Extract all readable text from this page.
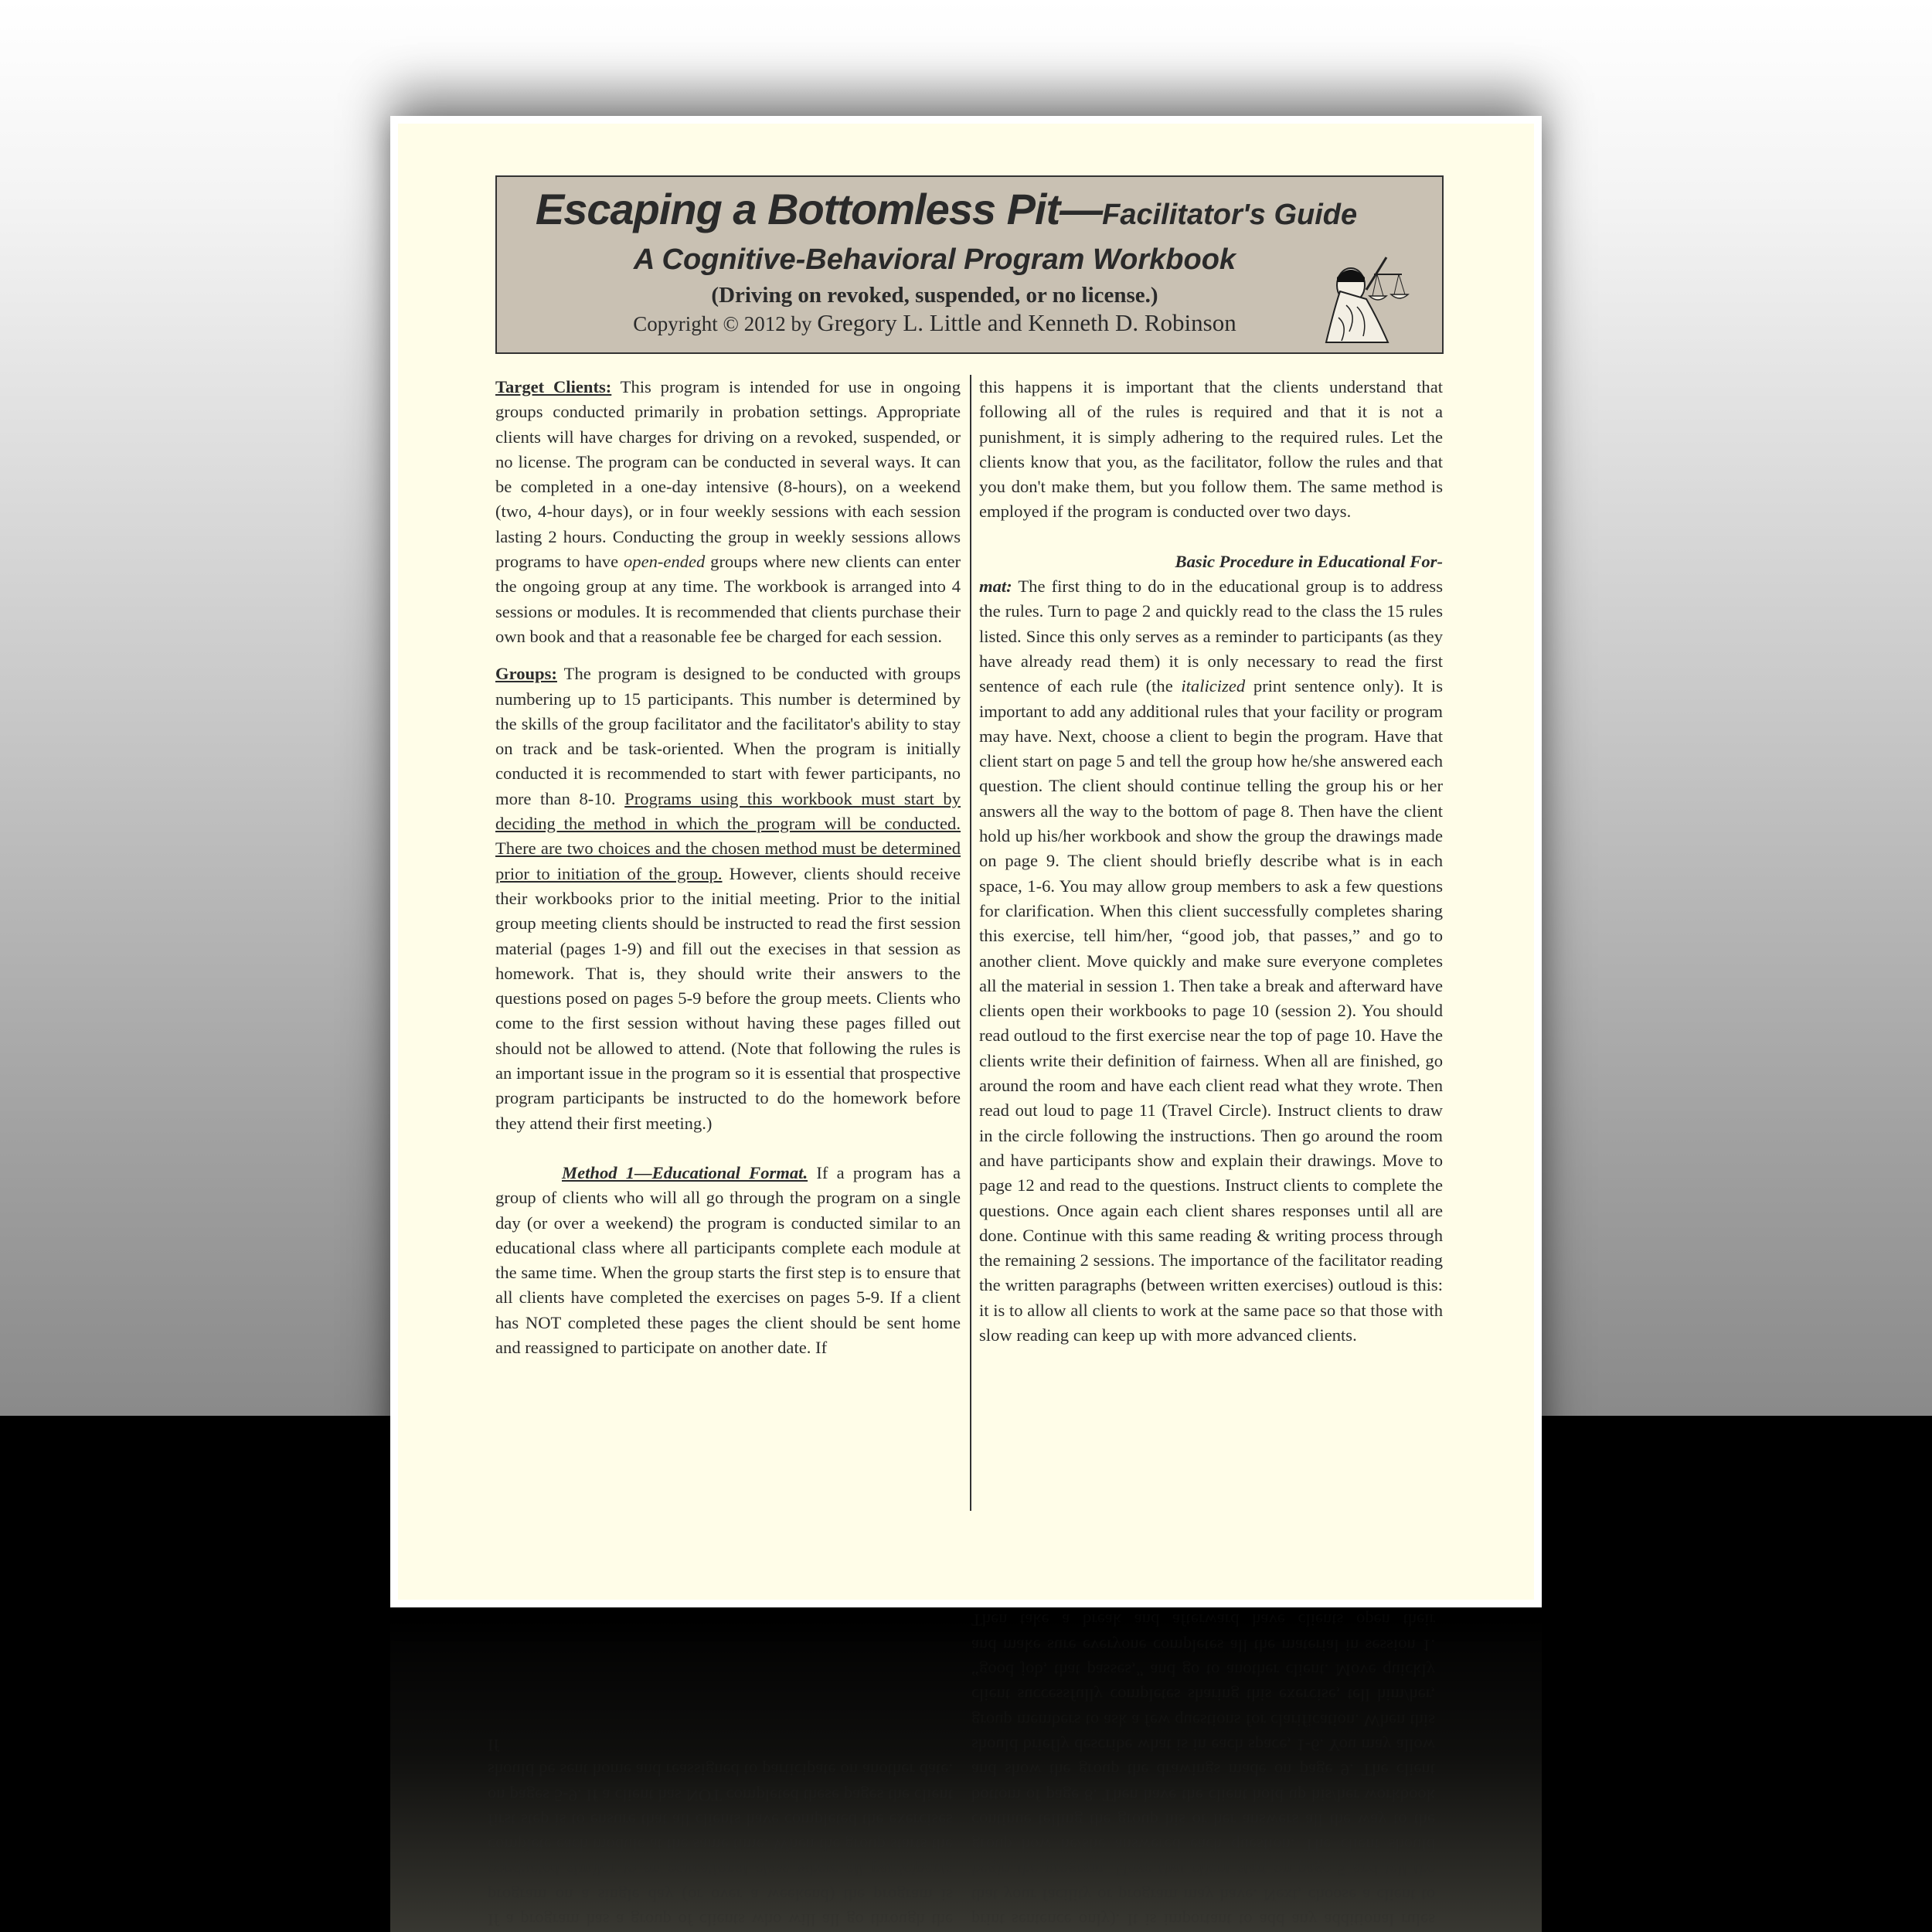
If a program has a group of clients who will all go through the program on a single day (or over a weekend) the program is conducted similar to an educational class where all participants complete each module at the same time. When the group starts the first step is to ensure that all clients have completed the exercises on pages 5-9. If a client has NOT completed these pages the client should be sent home and reassigned to participate on another date. If

print sentence only). It is important to add any additional rules that your facility or program may have. Next, choose a client to begin the program. Have that client start on page 5 and tell the group how he/she answered each question. The client should continue telling the group his or her answers all the way to the bottom of page 8. Then have the client hold up his/her workbook and show the group the drawings made on page 9. The client should briefly describe what is in each space, 1-6. You may allow group members to ask a few questions for clarification. When this client successfully completes sharing this exercise, tell him/her, “good job, that passes,” and go to another client. Move quickly and make sure everyone completes all the material in session 1. Then take a break and afterward have clients open their

Escaping a Bottomless Pit—Facilitator's Guide
A Cognitive-Behavioral Program Workbook
(Driving on revoked, suspended, or no license.)
Copyright © 2012 by Gregory L. Little and Kenneth D. Robinson

Target Clients: This program is intended for use in ongoing groups conducted primarily in probation settings. Appropriate clients will have charges for driving on a revoked, suspended, or no license. The program can be conducted in several ways. It can be completed in a one-day intensive (8-hours), on a weekend (two, 4-hour days), or in four weekly sessions with each session lasting 2 hours. Conducting the group in weekly sessions allows programs to have open-ended groups where new clients can enter the ongoing group at any time. The workbook is arranged into 4 sessions or modules. It is recommended that clients purchase their own book and that a reasonable fee be charged for each session.

Groups: The program is designed to be conducted with groups numbering up to 15 participants. This number is determined by the skills of the group facilitator and the facilitator's ability to stay on track and be task-oriented. When the program is initially conducted it is recommended to start with fewer participants, no more than 8-10. Programs using this workbook must start by deciding the method in which the program will be conducted. There are two choices and the chosen method must be determined prior to initiation of the group. However, clients should receive their workbooks prior to the initial meeting. Prior to the initial group meeting clients should be instructed to read the first session material (pages 1-9) and fill out the execises in that session as homework. That is, they should write their answers to the questions posed on pages 5-9 before the group meets. Clients who come to the first session without having these pages filled out should not be allowed to attend. (Note that following the rules is an important issue in the program so it is essential that prospective program participants be instructed to do the homework before they attend their first meeting.)

Method 1—Educational Format. If a program has a group of clients who will all go through the program on a single day (or over a weekend) the program is conducted similar to an educational class where all participants complete each module at the same time. When the group starts the first step is to ensure that all clients have completed the exercises on pages 5-9. If a client has NOT completed these pages the client should be sent home and reassigned to participate on another date. If

this happens it is important that the clients understand that following all of the rules is required and that it is not a punishment, it is simply adhering to the required rules. Let the clients know that you, as the facilitator, follow the rules and that you don't make them, but you follow them. The same method is employed if the program is conducted over two days.

Basic Procedure in Educational For-

mat: The first thing to do in the educational group is to address the rules. Turn to page 2 and quickly read to the class the 15 rules listed. Since this only serves as a reminder to participants (as they have already read them) it is only necessary to read the first sentence of each rule (the italicized print sentence only). It is important to add any additional rules that your facility or program may have. Next, choose a client to begin the program. Have that client start on page 5 and tell the group how he/she answered each question. The client should continue telling the group his or her answers all the way to the bottom of page 8. Then have the client hold up his/her workbook and show the group the drawings made on page 9. The client should briefly describe what is in each space, 1-6. You may allow group members to ask a few questions for clarification. When this client successfully completes sharing this exercise, tell him/her, “good job, that passes,” and go to another client. Move quickly and make sure everyone completes all the material in session 1. Then take a break and afterward have clients open their workbooks to page 10 (session 2). You should read outloud to the first exercise near the top of page 10. Have the clients write their definition of fairness. When all are finished, go around the room and have each client read what they wrote. Then read out loud to page 11 (Travel Circle). Instruct clients to draw in the circle following the instructions. Then go around the room and have participants show and explain their drawings. Move to page 12 and read to the questions. Instruct clients to complete the questions. Once again each client shares responses until all are done. Continue with this same reading & writing process through the remaining 2 sessions. The importance of the facilitator reading the written paragraphs (between written exercises) outloud is this: it is to allow all clients to work at the same pace so that those with slow reading can keep up with more advanced clients.
